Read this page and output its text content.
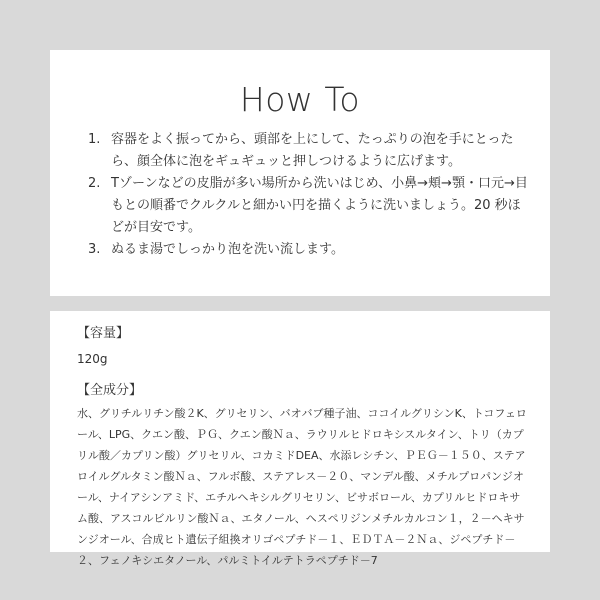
How To
1. 容器をよく振ってから、頭部を上にして、たっぷりの泡を手にとったら、顔全体に泡をギュギュッと押しつけるように広げます。
2. Tゾーンなどの皮脂が多い場所から洗いはじめ、小鼻→頬→顎・口元→目もとの順番でクルクルと細かい円を描くように洗いましょう。20 秒ほどが目安です。
3. ぬるま湯でしっかり泡を洗い流します。
【容量】
120g
【全成分】
水、グリチルリチン酸２K、グリセリン、バオバブ種子油、ココイルグリシンK、トコフェロール、LPG、クエン酸、ＰＧ、クエン酸Ｎａ、ラウリルヒドロキシスルタイン、トリ（カプリル酸／カプリン酸）グリセリル、コカミドDEA、水添レシチン、ＰＥＧ－１５０、ステアロイルグルタミン酸Ｎａ、フルボ酸、ステアレス－２０、マンデル酸、メチルプロパンジオール、ナイアシンアミド、エチルヘキシルグリセリン、ビサボロール、カプリルヒドロキサム酸、アスコルビルリン酸Ｎａ、エタノール、ヘスペリジンメチルカルコン１，２－ヘキサンジオール、合成ヒト遺伝子組換オリゴペプチド－１、ＥＤＴＡ－２Ｎａ、ジペプチド－２、フェノキシエタノール、パルミトイルテトラペプチド－7
